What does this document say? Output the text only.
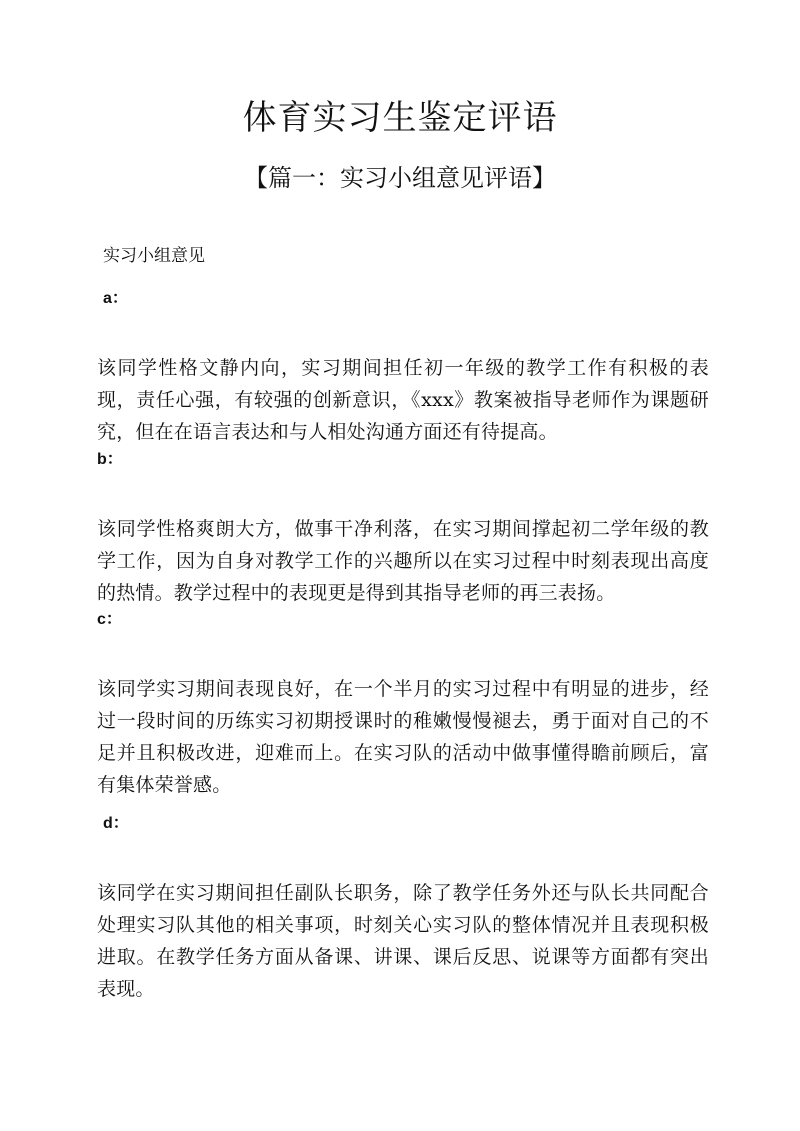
体育实习生鉴定评语
【篇一：实习小组意见评语】
实习小组意见
a：

该同学性格文静内向，实习期间担任初一年级的教学工作有积极的表现，责任心强，有较强的创新意识，《xxx》教案被指导老师作为课题研究，但在在语言表达和与人相处沟通方面还有待提高。

b：

该同学性格爽朗大方，做事干净利落，在实习期间撑起初二学年级的教学工作，因为自身对教学工作的兴趣所以在实习过程中时刻表现出高度的热情。教学过程中的表现更是得到其指导老师的再三表扬。

c：

该同学实习期间表现良好，在一个半月的实习过程中有明显的进步，经过一段时间的历练实习初期授课时的稚嫩慢慢褪去，勇于面对自己的不足并且积极改进，迎难而上。在实习队的活动中做事懂得瞻前顾后，富有集体荣誉感。

d：

该同学在实习期间担任副队长职务，除了教学任务外还与队长共同配合处理实习队其他的相关事项，时刻关心实习队的整体情况并且表现积极进取。在教学任务方面从备课、讲课、课后反思、说课等方面都有突出表现。
